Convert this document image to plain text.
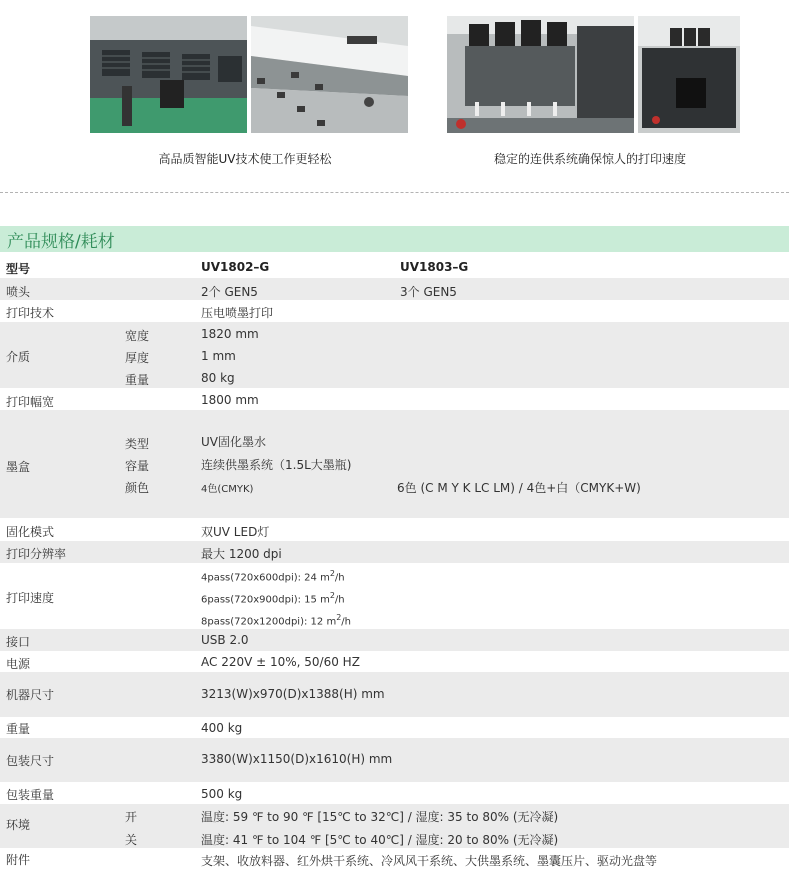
高品质智能UV技术使工作更轻松	稳定的连供系统确保惊人的打印速度
产品规格/耗材
型号	UV1802–G	UV1803–G
喷头	2个 GEN5	3个 GEN5
打印技术	压电喷墨打印
介质
宽度	1820 mm
厚度	1 mm
重量	80 kg
打印幅宽	1800 mm
墨盒
类型	UV固化墨水
容量	连续供墨系统（1.5L大墨瓶)
颜色	4色(CMYK)	6色 (C M Y K LC LM) / 4色+白（CMYK+W)
固化模式	双UV LED灯
打印分辨率	最大 1200 dpi
打印速度
4pass(720x600dpi): 24 $m^2/h$
6pass(720x900dpi): 15 $m^2/h$
8pass(720x1200dpi): 12 $m^2/h$
接口	USB 2.0
电源	AC 220V ± 10%, 50/60 HZ
机器尺寸	3213(W)x970(D)x1388(H) mm
重量	400 kg
包装尺寸	3380(W)x1150(D)x1610(H) mm
包装重量	500 kg
环境
开	温度: 59 ℉ to 90 ℉ [15℃ to 32℃] / 湿度: 35 to 80% (无冷凝)
关	温度: 41 ℉ to 104 ℉ [5℃ to 40℃] / 湿度: 20 to 80% (无冷凝)
附件	支架、收放料器、红外烘干系统、冷风风干系统、大供墨系统、墨囊压片、驱动光盘等
